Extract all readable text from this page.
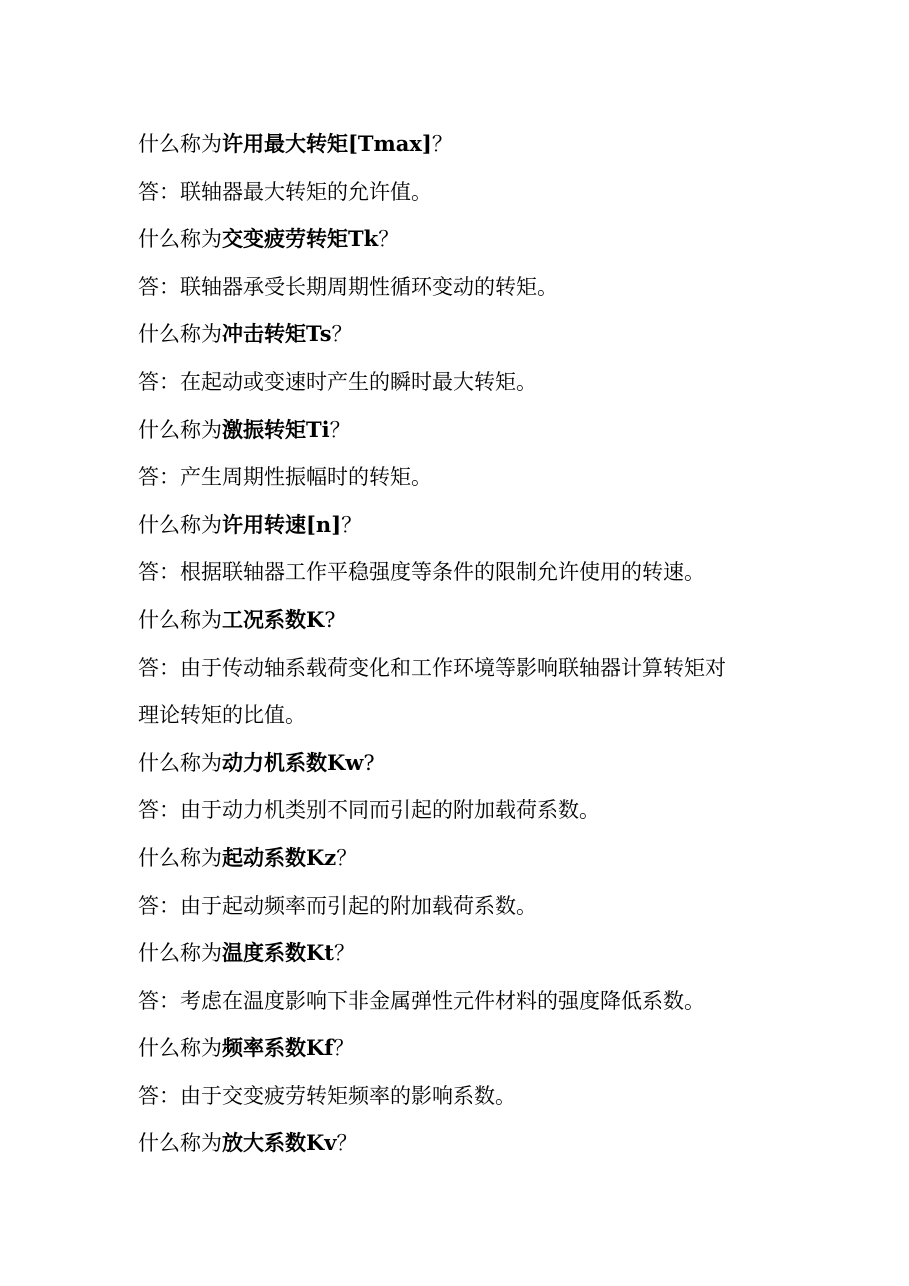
什么称为许用最大转矩[Tmax]？
答：联轴器最大转矩的允许值。
什么称为交变疲劳转矩Tk？
答：联轴器承受长期周期性循环变动的转矩。
什么称为冲击转矩Ts？
答：在起动或变速时产生的瞬时最大转矩。
什么称为激振转矩Ti？
答：产生周期性振幅时的转矩。
什么称为许用转速[n]？
答：根据联轴器工作平稳强度等条件的限制允许使用的转速。
什么称为工况系数K?
答：由于传动轴系载荷变化和工作环境等影响联轴器计算转矩对
理论转矩的比值。
什么称为动力机系数Kw?
答：由于动力机类别不同而引起的附加载荷系数。
什么称为起动系数Kz？
答：由于起动频率而引起的附加载荷系数。
什么称为温度系数Kt？
答：考虑在温度影响下非金属弹性元件材料的强度降低系数。
什么称为频率系数Kf？
答：由于交变疲劳转矩频率的影响系数。
什么称为放大系数Kv？
